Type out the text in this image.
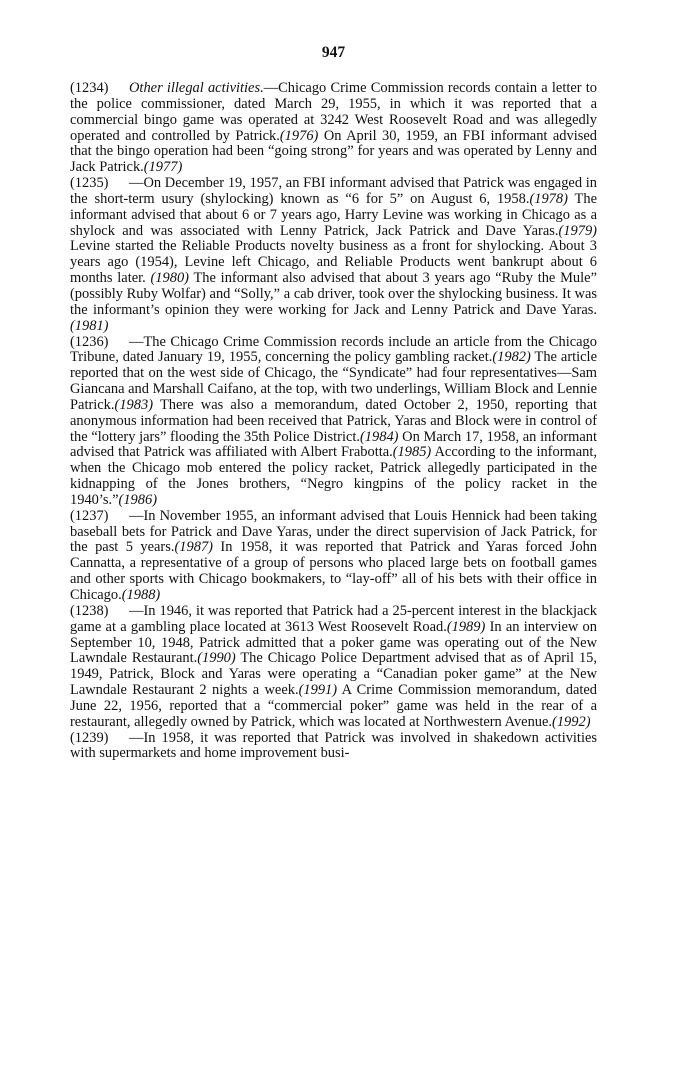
947

(1234) Other illegal activities.—Chicago Crime Commission records contain a letter to the police commissioner, dated March 29, 1955, in which it was reported that a commercial bingo game was operated at 3242 West Roosevelt Road and was allegedly operated and controlled by Patrick.(1976) On April 30, 1959, an FBI informant advised that the bingo operation had been “going strong” for years and was operated by Lenny and Jack Patrick.(1977)

(1235) —On December 19, 1957, an FBI informant advised that Patrick was engaged in the short-term usury (shylocking) known as “6 for 5” on August 6, 1958.(1978) The informant advised that about 6 or 7 years ago, Harry Levine was working in Chicago as a shylock and was associated with Lenny Patrick, Jack Patrick and Dave Yaras.(1979) Levine started the Reliable Products novelty business as a front for shylocking. About 3 years ago (1954), Levine left Chicago, and Reliable Products went bankrupt about 6 months later. (1980) The informant also advised that about 3 years ago “Ruby the Mule” (possibly Ruby Wolfar) and “Solly,” a cab driver, took over the shylocking business. It was the informant’s opinion they were working for Jack and Lenny Patrick and Dave Yaras.(1981)

(1236) —The Chicago Crime Commission records include an article from the Chicago Tribune, dated January 19, 1955, concerning the policy gambling racket.(1982) The article reported that on the west side of Chicago, the “Syndicate” had four representatives—Sam Giancana and Marshall Caifano, at the top, with two underlings, William Block and Lennie Patrick.(1983) There was also a memorandum, dated October 2, 1950, reporting that anonymous information had been received that Patrick, Yaras and Block were in control of the “lottery jars” flooding the 35th Police District.(1984) On March 17, 1958, an informant advised that Patrick was affiliated with Albert Frabotta.(1985) According to the informant, when the Chicago mob entered the policy racket, Patrick allegedly participated in the kidnapping of the Jones brothers, “Negro kingpins of the policy racket in the 1940’s.”(1986)

(1237) —In November 1955, an informant advised that Louis Hennick had been taking baseball bets for Patrick and Dave Yaras, under the direct supervision of Jack Patrick, for the past 5 years.(1987) In 1958, it was reported that Patrick and Yaras forced John Cannatta, a representative of a group of persons who placed large bets on football games and other sports with Chicago bookmakers, to “lay-off” all of his bets with their office in Chicago.(1988)

(1238) —In 1946, it was reported that Patrick had a 25-percent interest in the blackjack game at a gambling place located at 3613 West Roosevelt Road.(1989) In an interview on September 10, 1948, Patrick admitted that a poker game was operating out of the New Lawndale Restaurant.(1990) The Chicago Police Department advised that as of April 15, 1949, Patrick, Block and Yaras were operating a “Canadian poker game” at the New Lawndale Restaurant 2 nights a week.(1991) A Crime Commission memorandum, dated June 22, 1956, reported that a “commercial poker” game was held in the rear of a restaurant, allegedly owned by Patrick, which was located at Northwestern Avenue.(1992)

(1239) —In 1958, it was reported that Patrick was involved in shakedown activities with supermarkets and home improvement busi-
